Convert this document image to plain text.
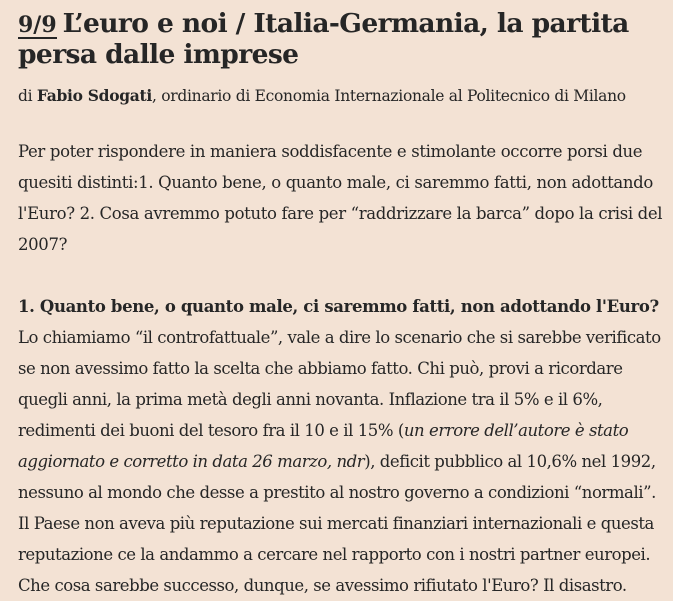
9/9 L’euro e noi / Italia-Germania, la partita persa dalle imprese

di Fabio Sdogati, ordinario di Economia Internazionale al Politecnico di Milano

Per poter rispondere in maniera soddisfacente e stimolante occorre porsi due quesiti distinti:1. Quanto bene, o quanto male, ci saremmo fatti, non adottando l'Euro? 2. Cosa avremmo potuto fare per “raddrizzare la barca” dopo la crisi del 2007?

1. Quanto bene, o quanto male, ci saremmo fatti, non adottando l'Euro?

Lo chiamiamo “il controfattuale”, vale a dire lo scenario che si sarebbe verificato se non avessimo fatto la scelta che abbiamo fatto. Chi può, provi a ricordare quegli anni, la prima metà degli anni novanta. Inflazione tra il 5% e il 6%, redimenti dei buoni del tesoro fra il 10 e il 15% (un errore dell’autore è stato aggiornato e corretto in data 26 marzo, ndr), deficit pubblico al 10,6% nel 1992, nessuno al mondo che desse a prestito al nostro governo a condizioni “normali”. Il Paese non aveva più reputazione sui mercati finanziari internazionali e questa reputazione ce la andammo a cercare nel rapporto con i nostri partner europei. Che cosa sarebbe successo, dunque, se avessimo rifiutato l'Euro? Il disastro.
